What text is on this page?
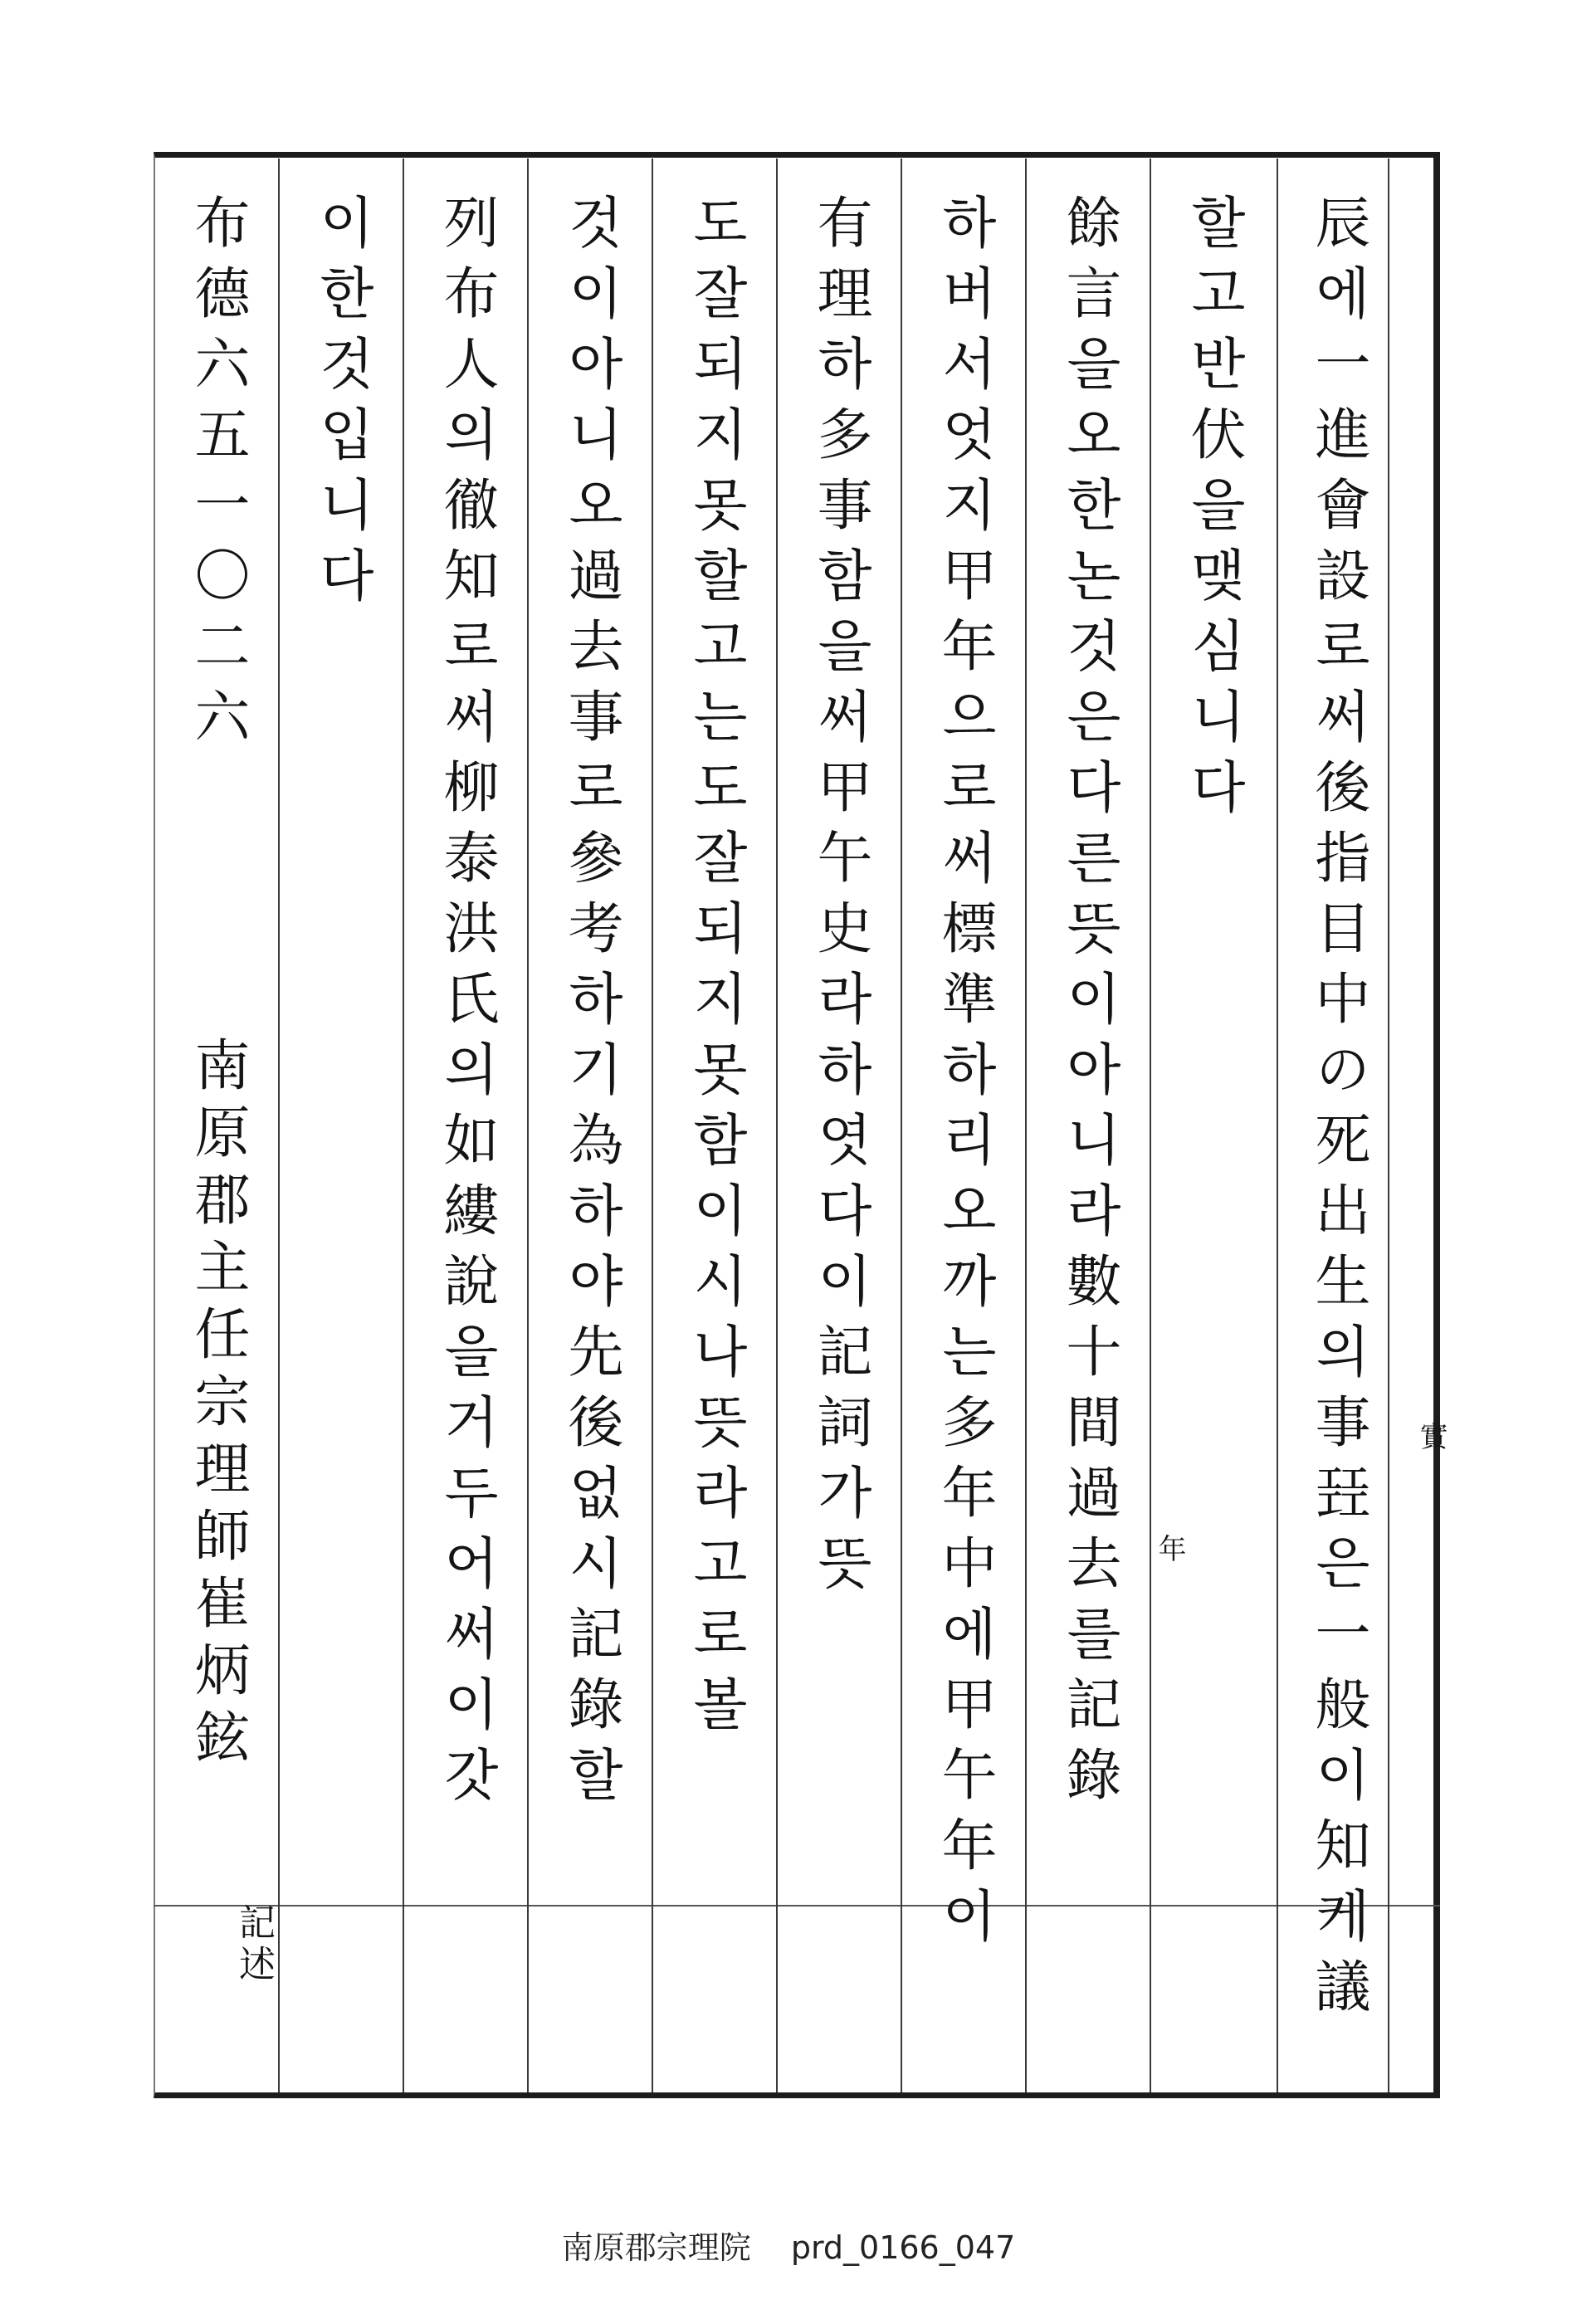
辰에一進會設로써後指目中の死出生의事㠭은一般이知케議
할고반伏을맺심니다
餘言을오한논것은다른뜻이아니라數十間過去를記錄
하버서엇지甲年으로써標準하리오까는多年中에甲午年이
有理하多事함을써甲午史라하엿다이記詞가뜻
도잘되지못할고는도잘되지못함이시나뜻라고로볼
것이아니오過去事로參考하기為하야先後없시記錄할
列布人의徹知로써柳泰洪氏의如縷說을거두어써이갓
이한것입니다
布德六五一〇二六
實
年
南原郡主任宗理師崔炳鉉
記述
南原郡宗理院 prd_0166_047
